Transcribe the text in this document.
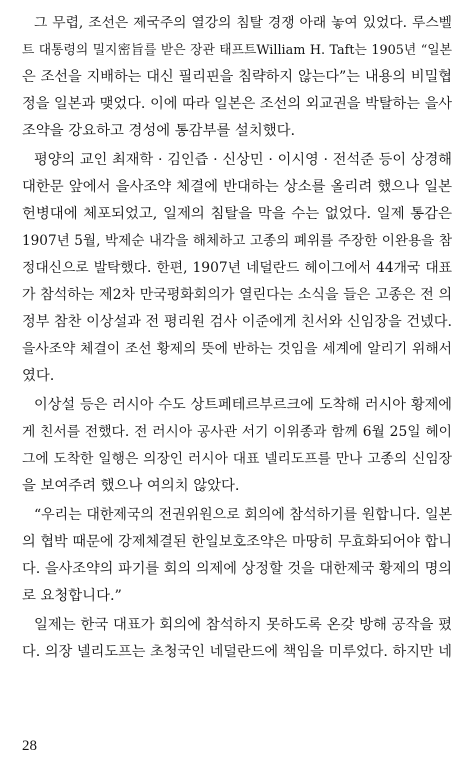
그 무렵, 조선은 제국주의 열강의 침탈 경쟁 아래 놓여 있었다. 루스벨
트 대통령의 밀지密旨를 받은 장관 태프트William H. Taft는 1905년 “일본
은 조선을 지배하는 대신 필리핀을 침략하지 않는다”는 내용의 비밀협
정을 일본과 맺었다. 이에 따라 일본은 조선의 외교권을 박탈하는 을사
조약을 강요하고 경성에 통감부를 설치했다.
평양의 교인 최재학 · 김인즙 · 신상민 · 이시영 · 전석준 등이 상경해
대한문 앞에서 을사조약 체결에 반대하는 상소를 올리려 했으나 일본
헌병대에 체포되었고, 일제의 침탈을 막을 수는 없었다. 일제 통감은
1907년 5월, 박제순 내각을 해체하고 고종의 폐위를 주장한 이완용을 참
정대신으로 발탁했다. 한편, 1907년 네덜란드 헤이그에서 44개국 대표
가 참석하는 제2차 만국평화회의가 열린다는 소식을 들은 고종은 전 의
정부 참찬 이상설과 전 평리원 검사 이준에게 친서와 신임장을 건넸다.
을사조약 체결이 조선 황제의 뜻에 반하는 것임을 세계에 알리기 위해서
였다.
이상설 등은 러시아 수도 상트페테르부르크에 도착해 러시아 황제에
게 친서를 전했다. 전 러시아 공사관 서기 이위종과 함께 6월 25일 헤이
그에 도착한 일행은 의장인 러시아 대표 넬리도프를 만나 고종의 신임장
을 보여주려 했으나 여의치 않았다.
“우리는 대한제국의 전권위원으로 회의에 참석하기를 원합니다. 일본
의 협박 때문에 강제체결된 한일보호조약은 마땅히 무효화되어야 합니
다. 을사조약의 파기를 회의 의제에 상정할 것을 대한제국 황제의 명의
로 요청합니다.”
일제는 한국 대표가 회의에 참석하지 못하도록 온갖 방해 공작을 폈
다. 의장 넬리도프는 초청국인 네덜란드에 책임을 미루었다. 하지만 네
28
